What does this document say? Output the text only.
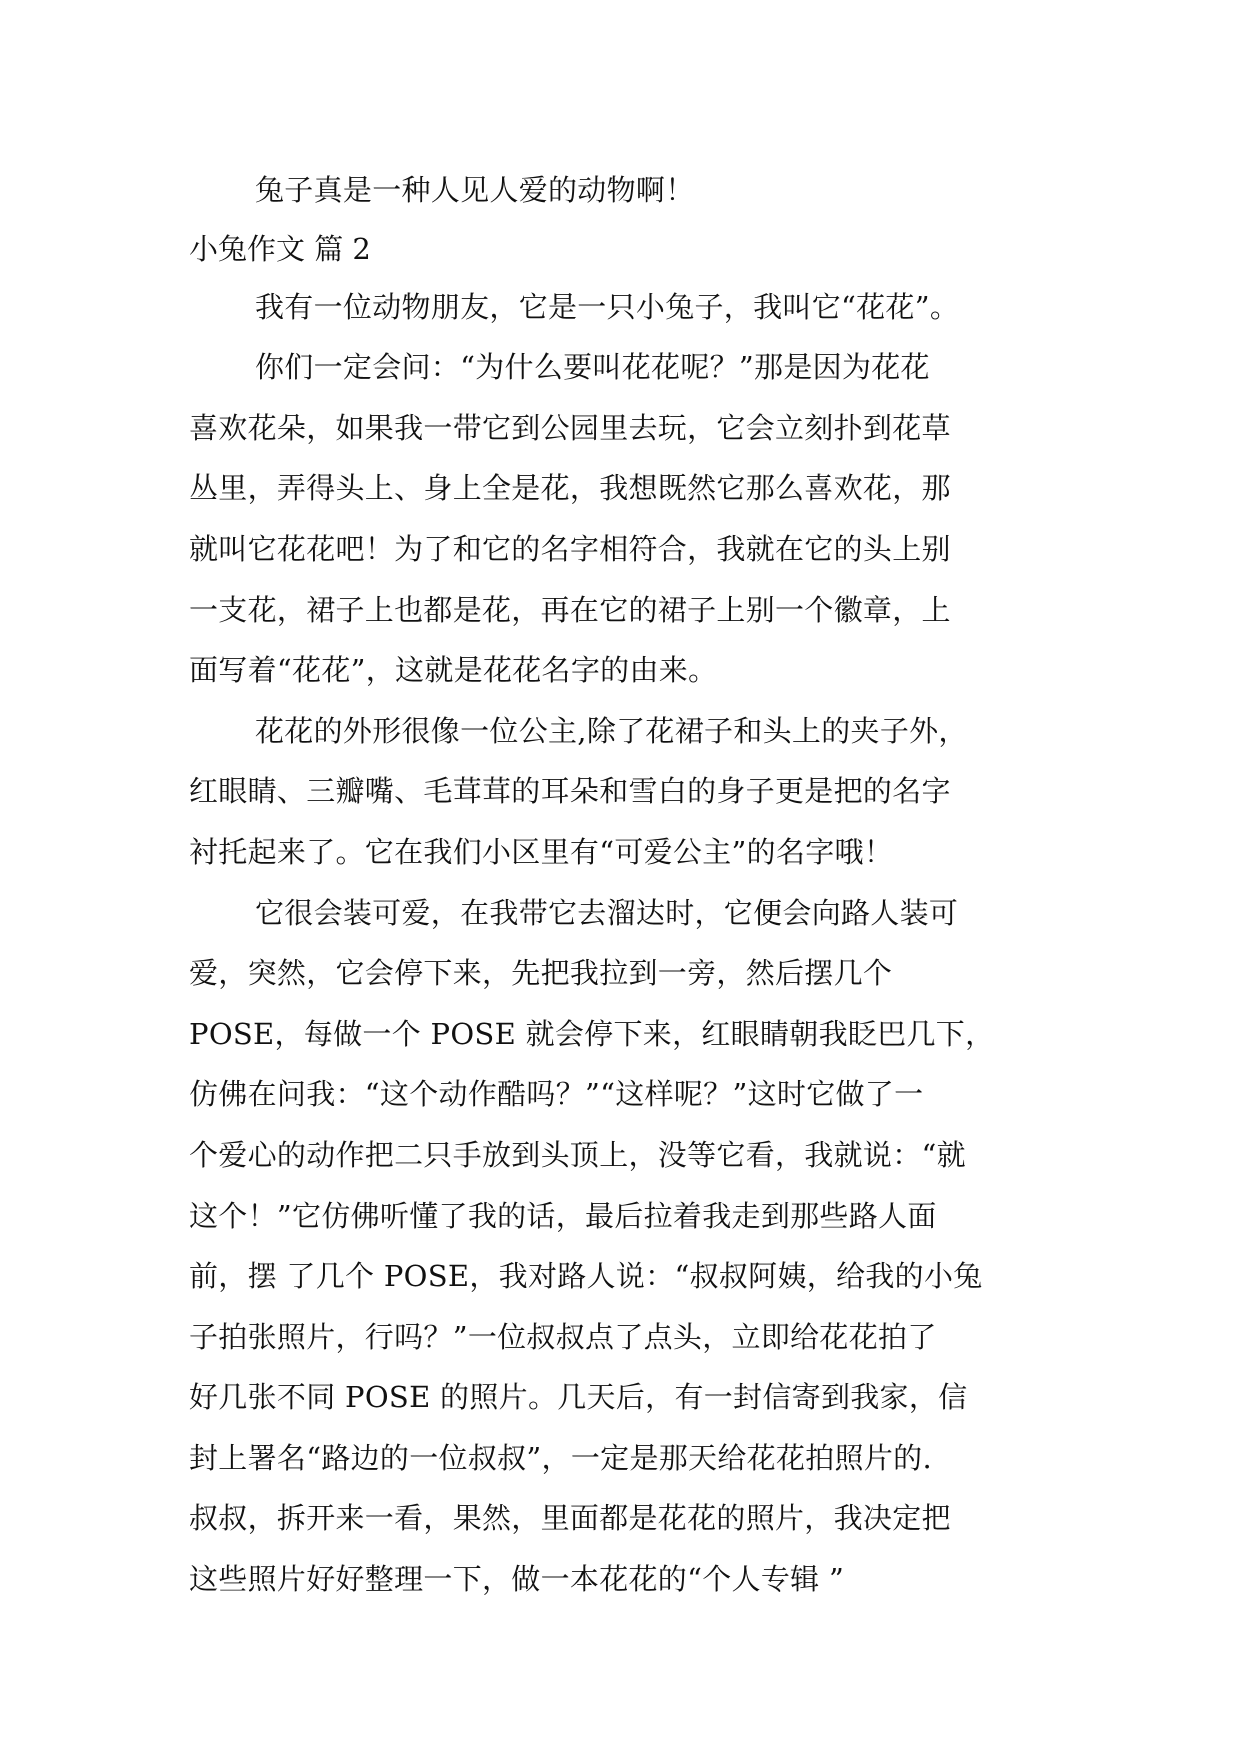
兔子真是一种人见人爱的动物啊！
小兔作文 篇 2
我有一位动物朋友，它是一只小兔子，我叫它“花花”。
你们一定会问：“为什么要叫花花呢？”那是因为花花
喜欢花朵，如果我一带它到公园里去玩，它会立刻扑到花草
丛里，弄得头上、身上全是花，我想既然它那么喜欢花，那
就叫它花花吧！为了和它的名字相符合，我就在它的头上别
一支花，裙子上也都是花，再在它的裙子上别一个徽章，上
面写着“花花”，这就是花花名字的由来。
花花的外形很像一位公主,除了花裙子和头上的夹子外，
红眼睛、三瓣嘴、毛茸茸的耳朵和雪白的身子更是把的名字
衬托起来了。它在我们小区里有“可爱公主”的名字哦！
它很会装可爱，在我带它去溜达时，它便会向路人装可
爱，突然，它会停下来，先把我拉到一旁，然后摆几个
POSE，每做一个 POSE 就会停下来，红眼睛朝我眨巴几下，
仿佛在问我：“这个动作酷吗？”“这样呢？”这时它做了一
个爱心的动作把二只手放到头顶上，没等它看，我就说：“就
这个！”它仿佛听懂了我的话，最后拉着我走到那些路人面
前，摆 了几个 POSE，我对路人说：“叔叔阿姨，给我的小兔
子拍张照片，行吗？”一位叔叔点了点头，立即给花花拍了
好几张不同 POSE 的照片。几天后，有一封信寄到我家，信
封上署名“路边的一位叔叔”，一定是那天给花花拍照片的.
叔叔，拆开来一看，果然，里面都是花花的照片，我决定把
这些照片好好整理一下，做一本花花的“个人专辑 ”
